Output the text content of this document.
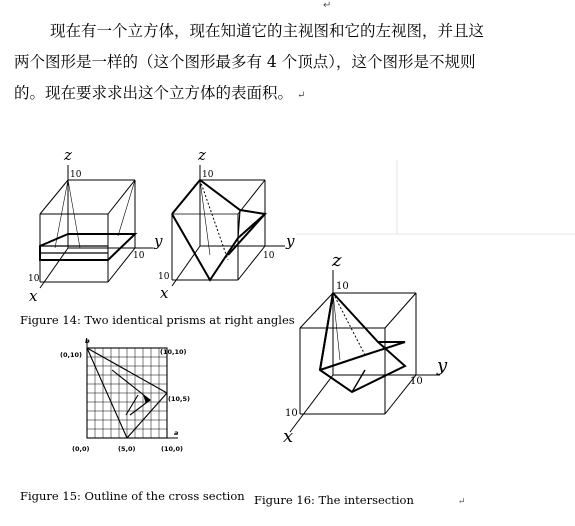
↵
现在有一个立方体，现在知道它的主视图和它的左视图，并且这
两个图形是一样的（这个图形最多有 4 个顶点），这个图形是不规则
的。现在要求求出这个立方体的表面积。 ↵
z
10
y
10
x
10
z
10
y
10
x
10
Figure 14: Two identical prisms at right angles
b
a
(0,10)	(10,10)
(10,5)
(0,0)	(5,0)	(10,0)
Figure 15: Outline of the cross section
z
10
y
10
x
10
Figure 16: The intersection	↵
